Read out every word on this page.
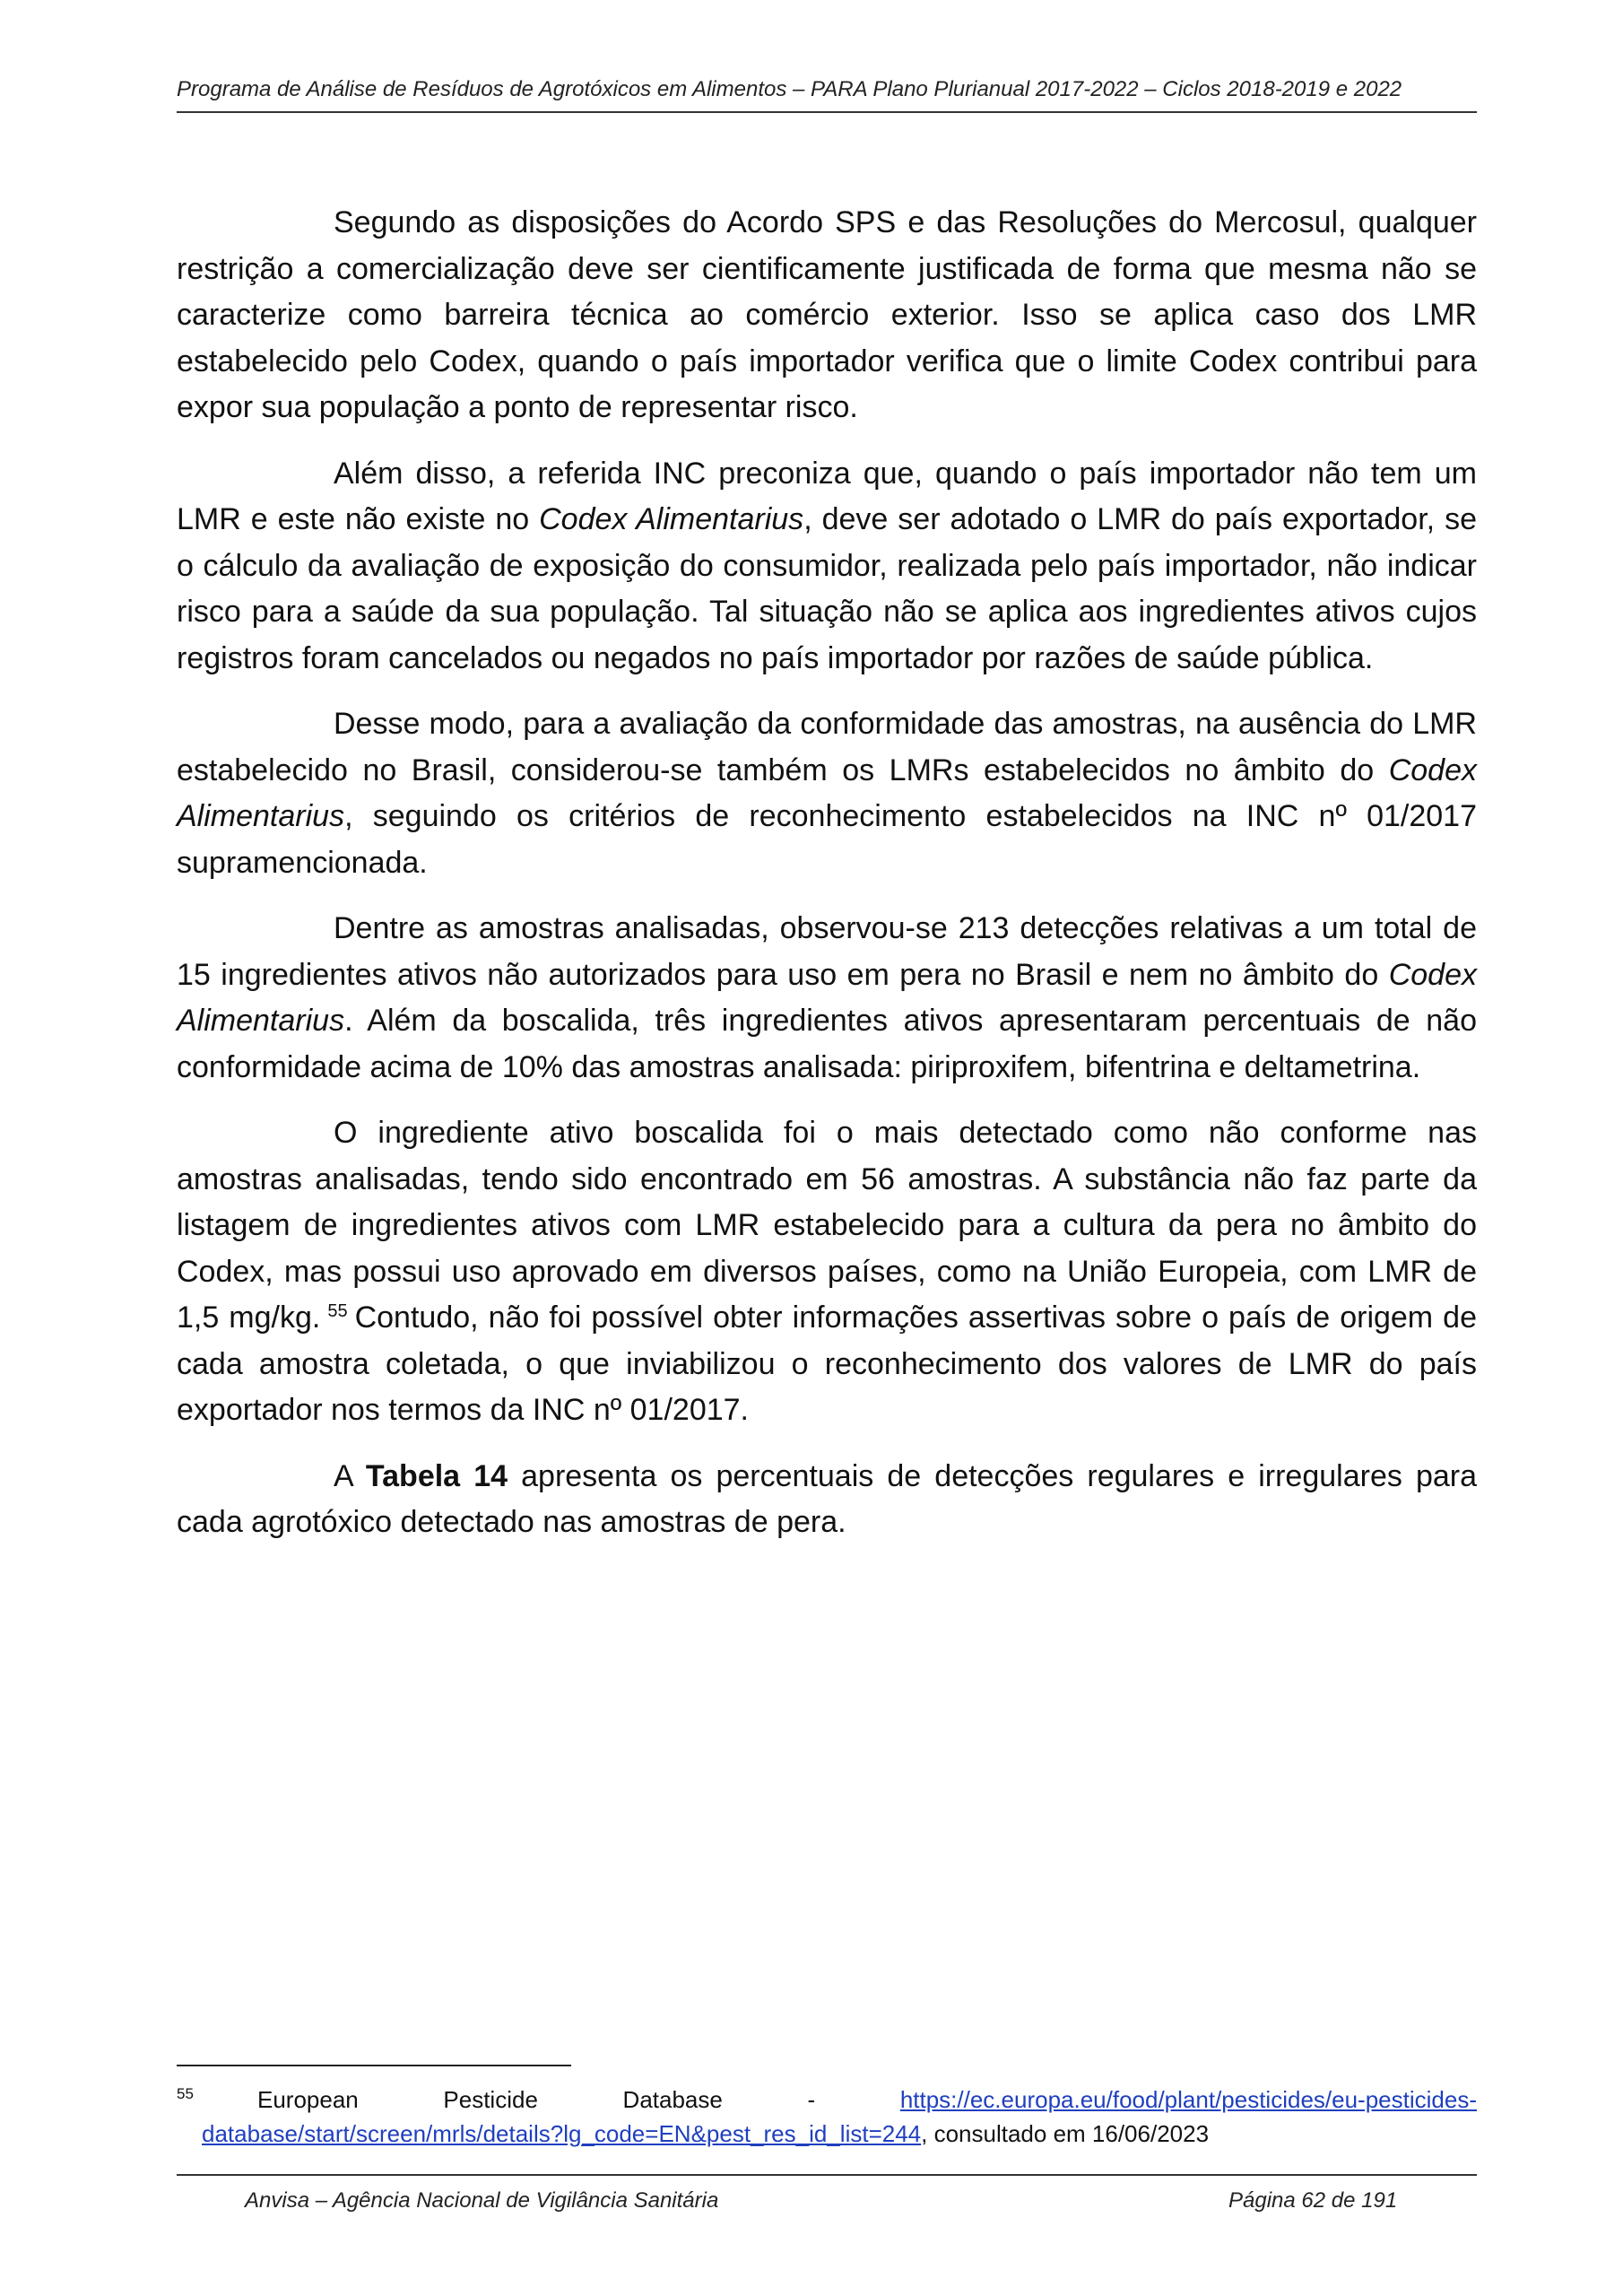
Programa de Análise de Resíduos de Agrotóxicos em Alimentos – PARA Plano Plurianual 2017-2022 – Ciclos 2018-2019 e 2022

Segundo as disposições do Acordo SPS e das Resoluções do Mercosul, qualquer restrição a comercialização deve ser cientificamente justificada de forma que mesma não se caracterize como barreira técnica ao comércio exterior. Isso se aplica caso dos LMR estabelecido pelo Codex, quando o país importador verifica que o limite Codex contribui para expor sua população a ponto de representar risco.

Além disso, a referida INC preconiza que, quando o país importador não tem um LMR e este não existe no Codex Alimentarius, deve ser adotado o LMR do país exportador, se o cálculo da avaliação de exposição do consumidor, realizada pelo país importador, não indicar risco para a saúde da sua população. Tal situação não se aplica aos ingredientes ativos cujos registros foram cancelados ou negados no país importador por razões de saúde pública.

Desse modo, para a avaliação da conformidade das amostras, na ausência do LMR estabelecido no Brasil, considerou-se também os LMRs estabelecidos no âmbito do Codex Alimentarius, seguindo os critérios de reconhecimento estabelecidos na INC nº 01/2017 supramencionada.

Dentre as amostras analisadas, observou-se 213 detecções relativas a um total de 15 ingredientes ativos não autorizados para uso em pera no Brasil e nem no âmbito do Codex Alimentarius. Além da boscalida, três ingredientes ativos apresentaram percentuais de não conformidade acima de 10% das amostras analisada: piriproxifem, bifentrina e deltametrina.

O ingrediente ativo boscalida foi o mais detectado como não conforme nas amostras analisadas, tendo sido encontrado em 56 amostras. A substância não faz parte da listagem de ingredientes ativos com LMR estabelecido para a cultura da pera no âmbito do Codex, mas possui uso aprovado em diversos países, como na União Europeia, com LMR de 1,5 mg/kg. $^{55}$ Contudo, não foi possível obter informações assertivas sobre o país de origem de cada amostra coletada, o que inviabilizou o reconhecimento dos valores de LMR do país exportador nos termos da INC nº 01/2017.

A Tabela 14 apresenta os percentuais de detecções regulares e irregulares para cada agrotóxico detectado nas amostras de pera.

55	European	Pesticide	Database	-	https://ec.europa.eu/food/plant/pesticides/eu-pesticides-
database/start/screen/mrls/details?lg_code=EN&pest_res_id_list=244, consultado em 16/06/2023
Anvisa – Agência Nacional de Vigilância Sanitária	Página 62 de 191
